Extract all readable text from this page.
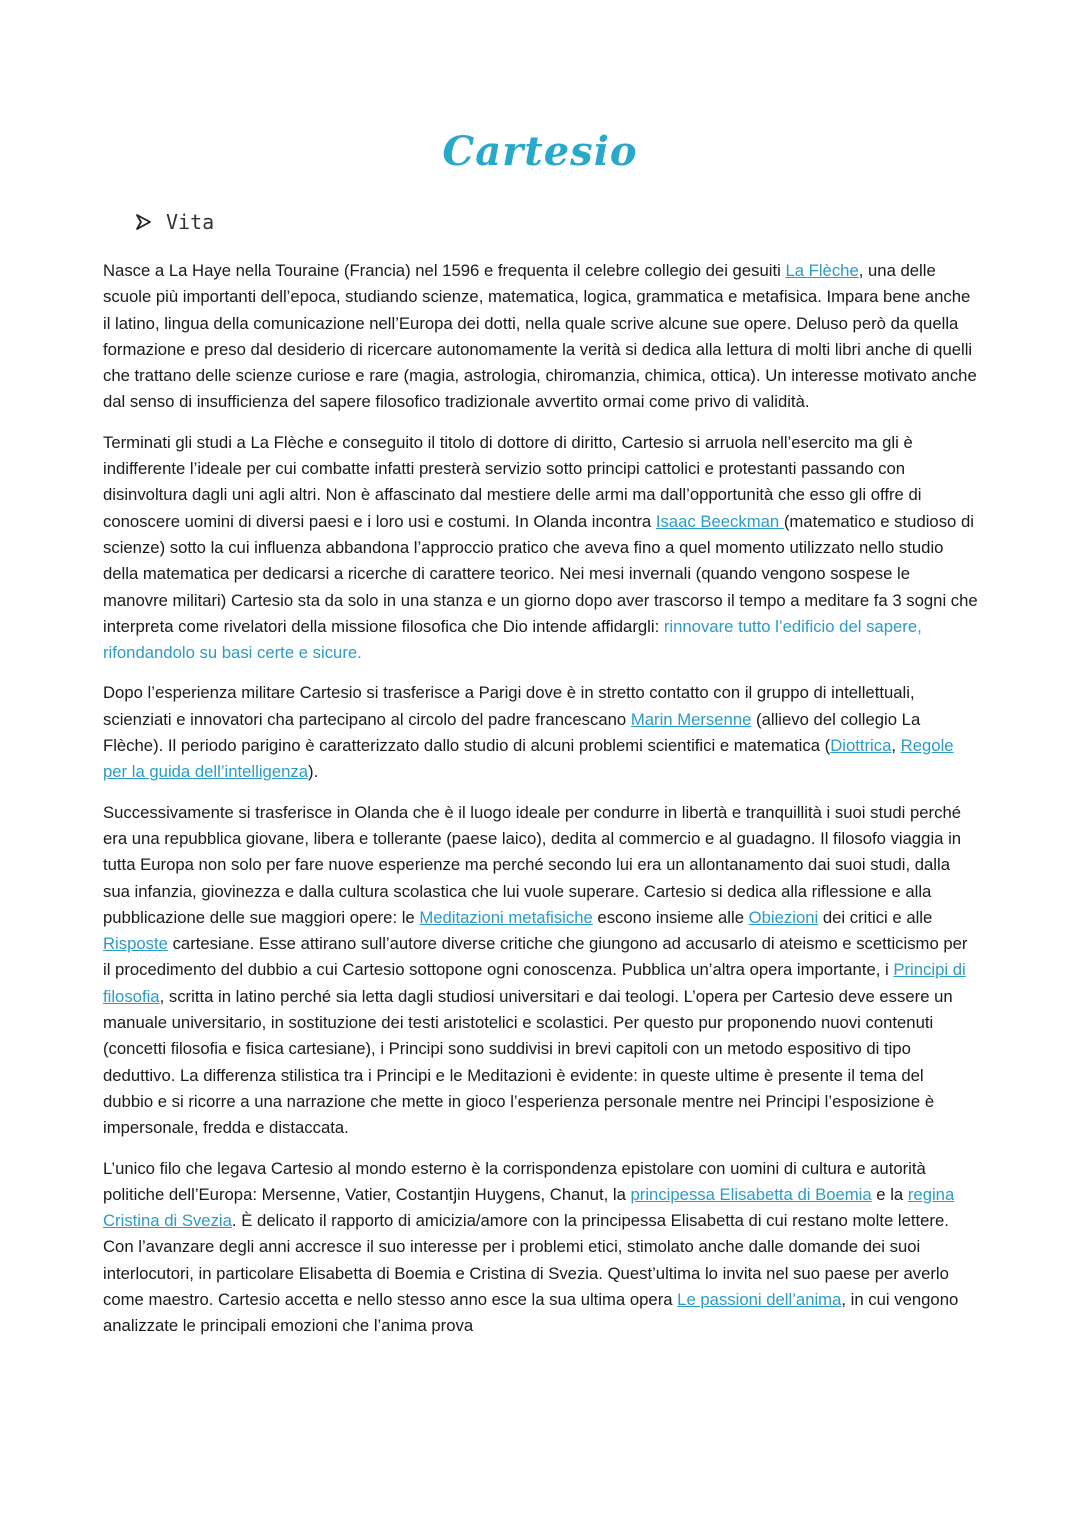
Cartesio
Vita

Nasce a La Haye nella Touraine (Francia) nel 1596 e frequenta il celebre collegio dei gesuiti La Flèche, una delle scuole più importanti dell’epoca, studiando scienze, matematica, logica, grammatica e metafisica. Impara bene anche il latino, lingua della comunicazione nell’Europa dei dotti, nella quale scrive alcune sue opere. Deluso però da quella formazione e preso dal desiderio di ricercare autonomamente la verità si dedica alla lettura di molti libri anche di quelli che trattano delle scienze curiose e rare (magia, astrologia, chiromanzia, chimica, ottica). Un interesse motivato anche dal senso di insufficienza del sapere filosofico tradizionale avvertito ormai come privo di validità.

Terminati gli studi a La Flèche e conseguito il titolo di dottore di diritto, Cartesio si arruola nell’esercito ma gli è indifferente l’ideale per cui combatte infatti presterà servizio sotto principi cattolici e protestanti passando con disinvoltura dagli uni agli altri. Non è affascinato dal mestiere delle armi ma dall’opportunità che esso gli offre di conoscere uomini di diversi paesi e i loro usi e costumi. In Olanda incontra Isaac Beeckman (matematico e studioso di scienze) sotto la cui influenza abbandona l’approccio pratico che aveva fino a quel momento utilizzato nello studio della matematica per dedicarsi a ricerche di carattere teorico. Nei mesi invernali (quando vengono sospese le manovre militari) Cartesio sta da solo in una stanza e un giorno dopo aver trascorso il tempo a meditare fa 3 sogni che interpreta come rivelatori della missione filosofica che Dio intende affidargli: rinnovare tutto l’edificio del sapere, rifondandolo su basi certe e sicure.

Dopo l’esperienza militare Cartesio si trasferisce a Parigi dove è in stretto contatto con il gruppo di intellettuali, scienziati e innovatori cha partecipano al circolo del padre francescano Marin Mersenne (allievo del collegio La Flèche). Il periodo parigino è caratterizzato dallo studio di alcuni problemi scientifici e matematica (Diottrica, Regole per la guida dell’intelligenza).

Successivamente si trasferisce in Olanda che è il luogo ideale per condurre in libertà e tranquillità i suoi studi perché era una repubblica giovane, libera e tollerante (paese laico), dedita al commercio e al guadagno. Il filosofo viaggia in tutta Europa non solo per fare nuove esperienze ma perché secondo lui era un allontanamento dai suoi studi, dalla sua infanzia, giovinezza e dalla cultura scolastica che lui vuole superare. Cartesio si dedica alla riflessione e alla pubblicazione delle sue maggiori opere: le Meditazioni metafisiche escono insieme alle Obiezioni dei critici e alle Risposte cartesiane. Esse attirano sull’autore diverse critiche che giungono ad accusarlo di ateismo e scetticismo per il procedimento del dubbio a cui Cartesio sottopone ogni conoscenza. Pubblica un’altra opera importante, i Principi di filosofia, scritta in latino perché sia letta dagli studiosi universitari e dai teologi. L’opera per Cartesio deve essere un manuale universitario, in sostituzione dei testi aristotelici e scolastici. Per questo pur proponendo nuovi contenuti (concetti filosofia e fisica cartesiane), i Principi sono suddivisi in brevi capitoli con un metodo espositivo di tipo deduttivo. La differenza stilistica tra i Principi e le Meditazioni è evidente: in queste ultime è presente il tema del dubbio e si ricorre a una narrazione che mette in gioco l’esperienza personale mentre nei Principi l’esposizione è impersonale, fredda e distaccata.

L’unico filo che legava Cartesio al mondo esterno è la corrispondenza epistolare con uomini di cultura e autorità politiche dell’Europa: Mersenne, Vatier, Costantjin Huygens, Chanut, la principessa Elisabetta di Boemia e la regina Cristina di Svezia. È delicato il rapporto di amicizia/amore con la principessa Elisabetta di cui restano molte lettere. Con l’avanzare degli anni accresce il suo interesse per i problemi etici, stimolato anche dalle domande dei suoi interlocutori, in particolare Elisabetta di Boemia e Cristina di Svezia. Quest’ultima lo invita nel suo paese per averlo come maestro. Cartesio accetta e nello stesso anno esce la sua ultima opera Le passioni dell’anima, in cui vengono analizzate le principali emozioni che l’anima prova
